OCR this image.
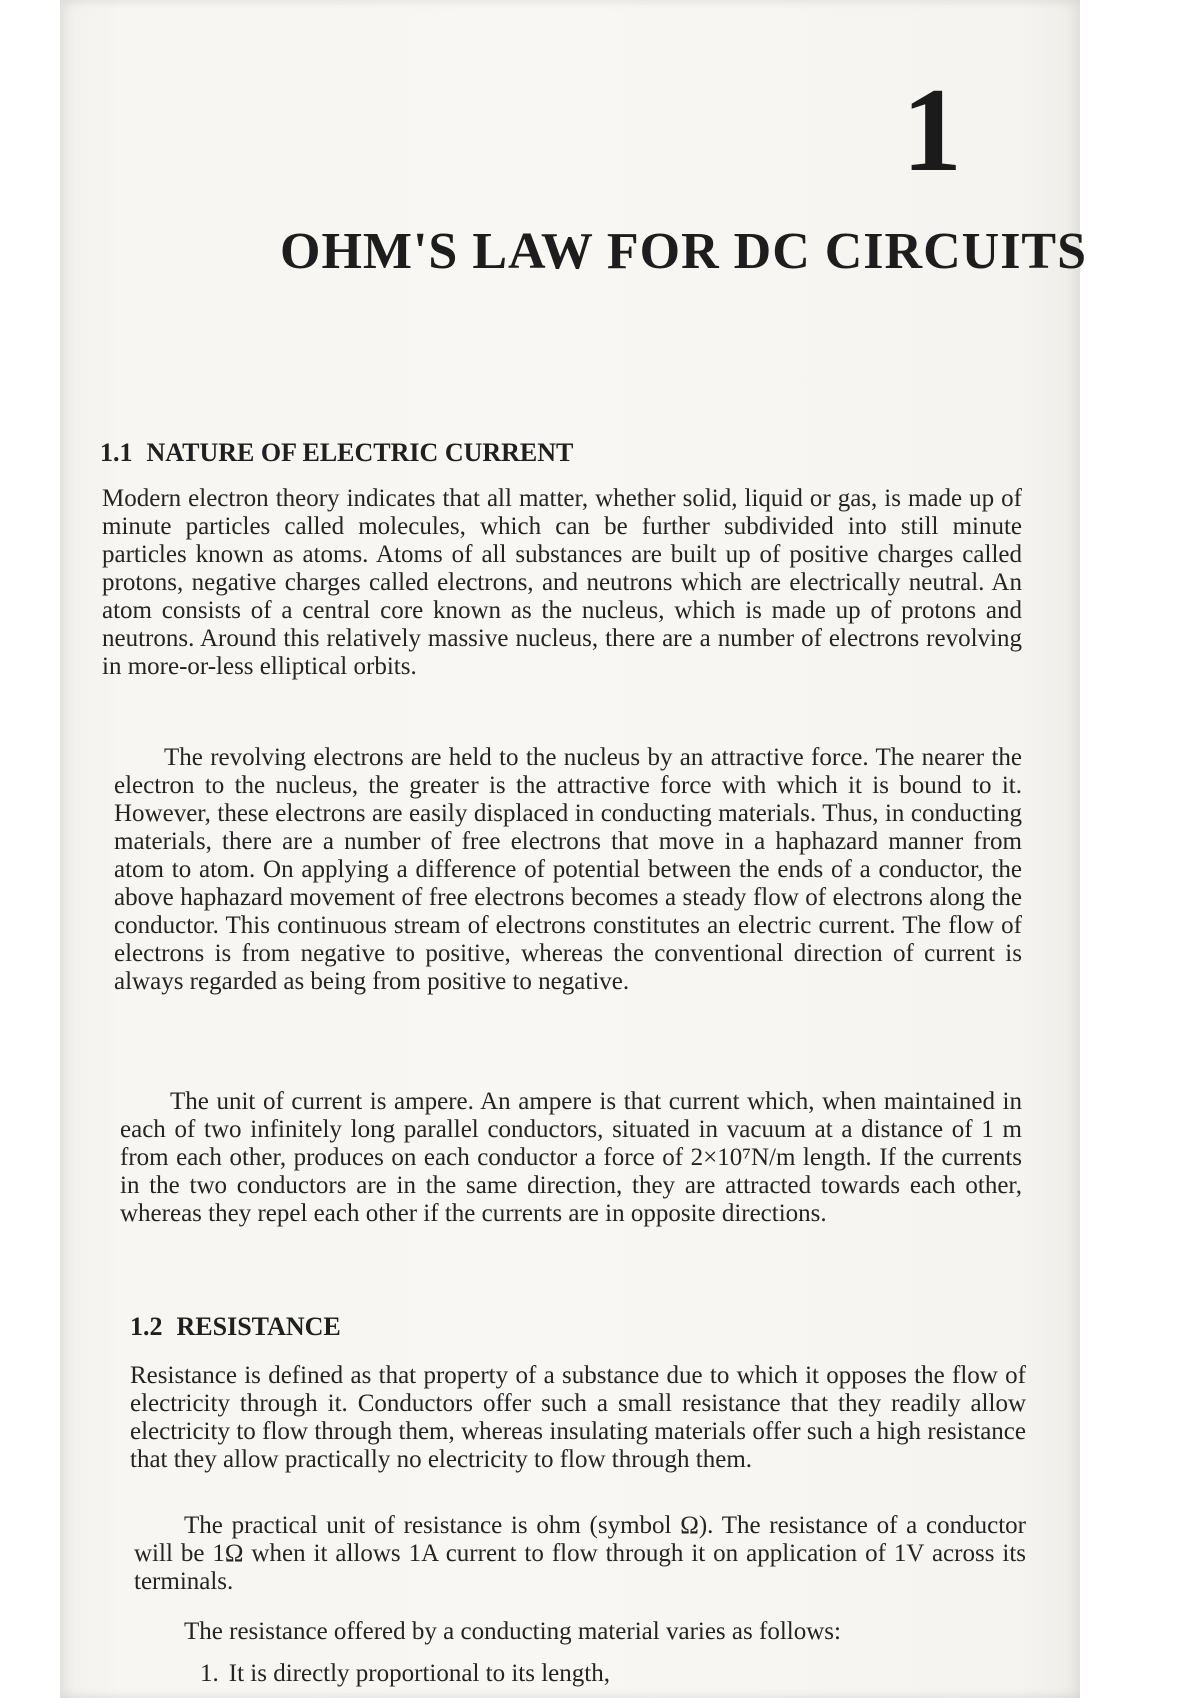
1
OHM'S LAW FOR DC CIRCUITS
1.1 NATURE OF ELECTRIC CURRENT

Modern electron theory indicates that all matter, whether solid, liquid or gas, is made up of minute particles called molecules, which can be further subdivided into still minute particles known as atoms. Atoms of all substances are built up of positive charges called protons, negative charges called electrons, and neutrons which are electrically neutral. An atom consists of a central core known as the nucleus, which is made up of protons and neutrons. Around this relatively massive nucleus, there are a number of electrons revolving in more-or-less elliptical orbits.

The revolving electrons are held to the nucleus by an attractive force. The nearer the electron to the nucleus, the greater is the attractive force with which it is bound to it. However, these electrons are easily displaced in conducting materials. Thus, in conducting materials, there are a number of free electrons that move in a haphazard manner from atom to atom. On applying a difference of potential between the ends of a conductor, the above haphazard movement of free electrons becomes a steady flow of electrons along the conductor. This continuous stream of electrons constitutes an electric current. The flow of electrons is from negative to positive, whereas the conventional direction of current is always regarded as being from positive to negative.

The unit of current is ampere. An ampere is that current which, when maintained in each of two infinitely long parallel conductors, situated in vacuum at a distance of 1 m from each other, produces on each conductor a force of 2×10⁷N/m length. If the currents in the two conductors are in the same direction, they are attracted towards each other, whereas they repel each other if the currents are in opposite directions.

1.2 RESISTANCE

Resistance is defined as that property of a substance due to which it opposes the flow of electricity through it. Conductors offer such a small resistance that they readily allow electricity to flow through them, whereas insulating materials offer such a high resistance that they allow practically no electricity to flow through them.

The practical unit of resistance is ohm (symbol Ω). The resistance of a conductor will be 1Ω when it allows 1A current to flow through it on application of 1V across its terminals.

The resistance offered by a conducting material varies as follows:

1. It is directly proportional to its length,
